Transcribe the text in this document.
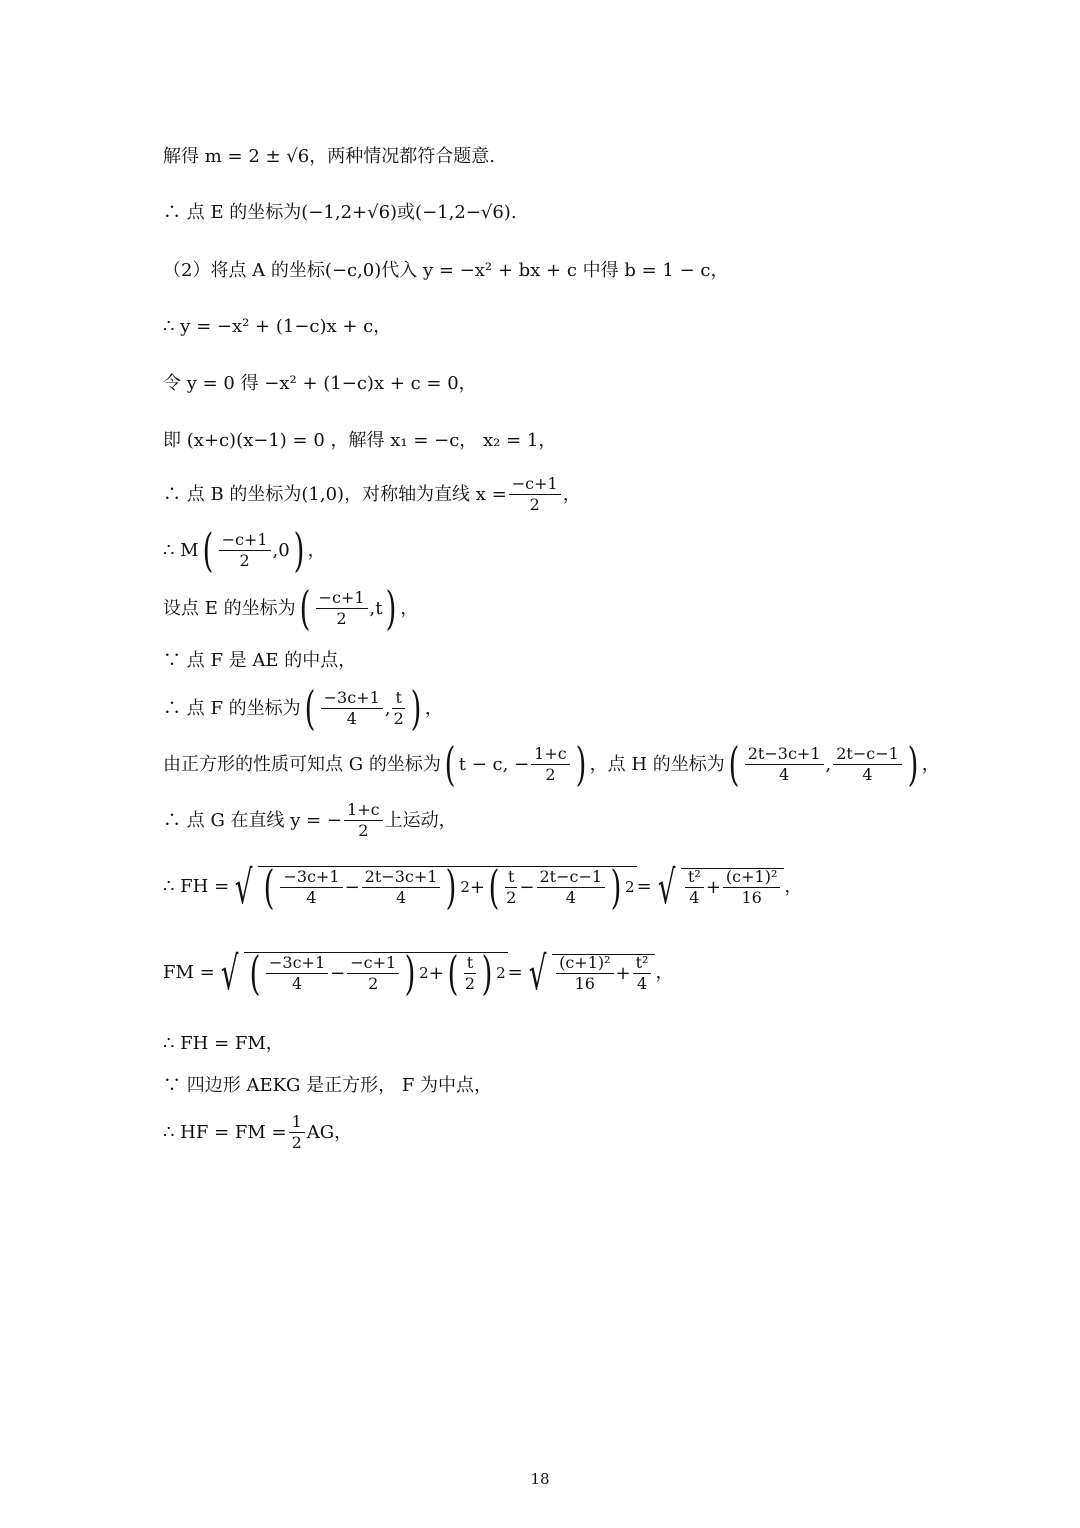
解得 m = 2 ± √6，两种情况都符合题意.
∴ 点 E 的坐标为(−1,2+√6)或(−1,2−√6).
（2）将点 A 的坐标(−c,0)代入 y = −x² + bx + c 中得 b = 1 − c，
∴ y = −x² + (1−c)x + c，
令 y = 0 得 −x² + (1−c)x + c = 0，
即 (x+c)(x−1) = 0 ，解得 x₁ = −c， x₂ = 1，
∴ 点 B 的坐标为(1,0)，对称轴为直线 $x = \frac{-c+1}{2}$ ，
∴ M ( $\frac{-c+1}{2} ,0$ ) ，
设点 E 的坐标为 ( $\frac{-c+1}{2} ,t$ ) ，
∵ 点 F 是 AE 的中点，
∴ 点 F 的坐标为 ( $\frac{-3c+1}{4}$ , $\frac{t}{2}$ ) ，
由正方形的性质可知点 G 的坐标为 ( t − c, − $\frac{1+c}{2}$ ) ，点 H 的坐标为 ( $\frac{2t-3c+1}{4}$ , $\frac{2t-c-1}{4}$ ) ，
∴ 点 G 在直线 y = − $\frac{1+c}{2}$ 上运动，
∴ FH = √ ( $\frac{-3c+1}{4} - \frac{2t-3c+1}{4}$ ) 2 + ( $\frac{t}{2} - \frac{2t-c-1}{4}$ ) 2 = √ $\frac{\text{t²}}{4} + \frac{\text{(c+1)²}}{16}$ ，
FM = √ ( $\frac{-3c+1}{4} - \frac{-c+1}{2}$ ) 2 + ( $\frac{t}{2}$ ) 2 = √ $\frac{\text{(c+1)²}}{16} + \frac{\text{t²}}{4}$ ，
∴ FH = FM，
∵ 四边形 AEKG 是正方形， F 为中点，
∴ HF = FM = $\frac{1}{2}$ AG，
18
